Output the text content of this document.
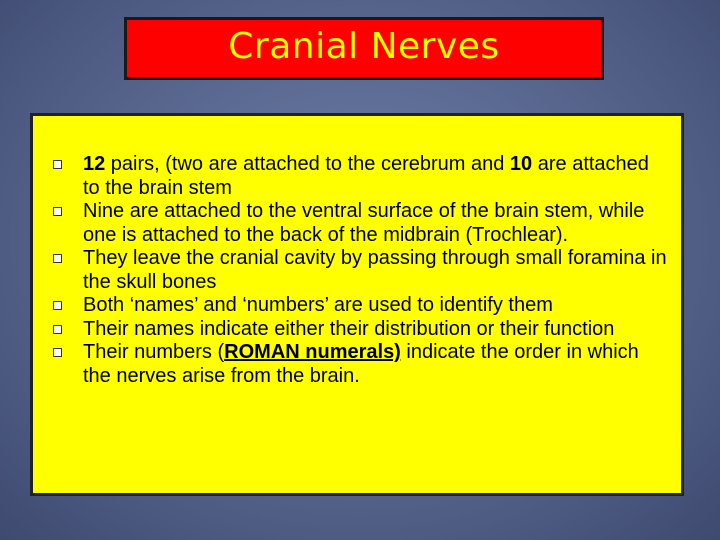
Cranial Nerves
12 pairs, (two are attached to the cerebrum and 10 are attached to the brain stem
Nine are attached to the ventral surface of the brain stem, while one is attached to the back of the midbrain (Trochlear).
They leave the cranial cavity by passing through small foramina in the skull bones
Both ‘names’ and ‘numbers’ are used to identify them
Their names indicate either their distribution or their function
Their numbers (ROMAN numerals) indicate the order in which the nerves arise from the brain.
